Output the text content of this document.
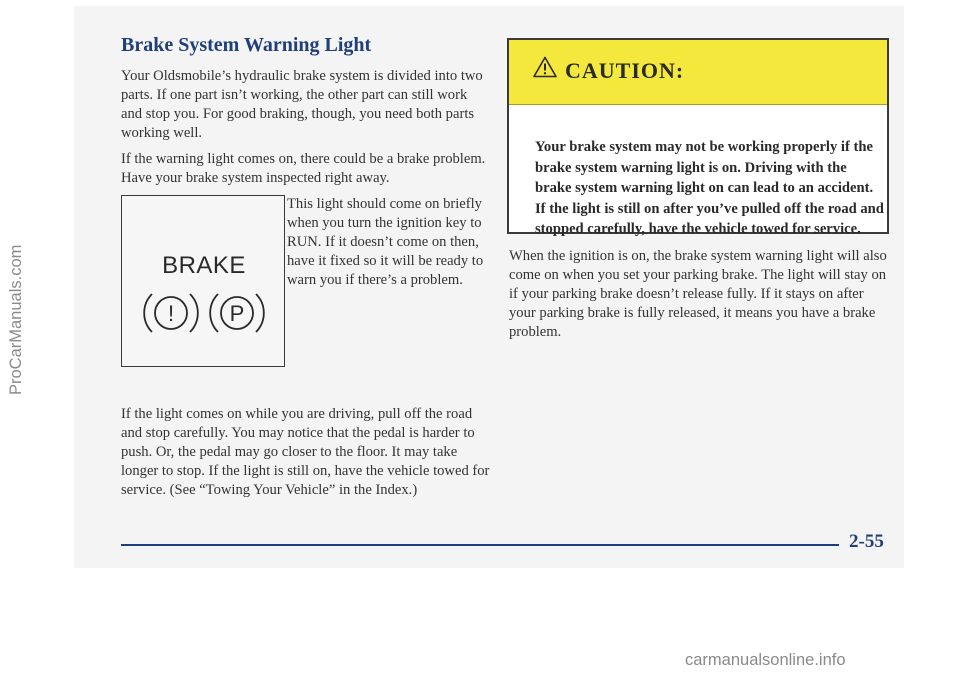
ProCarManuals.com
Brake System Warning Light

Your Oldsmobile’s hydraulic brake system is divided into two parts. If one part isn’t working, the other part can still work and stop you. For good braking, though, you need both parts working well.

If the warning light comes on, there could be a brake problem. Have your brake system inspected right away.

BRAKE
!	P

This light should come on briefly when you turn the ignition key to RUN. If it doesn’t come on then, have it fixed so it will be ready to warn you if there’s a problem.

If the light comes on while you are driving, pull off the road and stop carefully. You may notice that the pedal is harder to push. Or, the pedal may go closer to the floor. It may take longer to stop. If the light is still on, have the vehicle towed for service. (See “Towing Your Vehicle” in the Index.)

CAUTION:

Your brake system may not be working properly if the brake system warning light is on. Driving with the brake system warning light on can lead to an accident. If the light is still on after you’ve pulled off the road and stopped carefully, have the vehicle towed for service.

When the ignition is on, the brake system warning light will also come on when you set your parking brake. The light will stay on if your parking brake doesn’t release fully. If it stays on after your parking brake is fully released, it means you have a brake problem.

2-55

carmanualsonline.info
